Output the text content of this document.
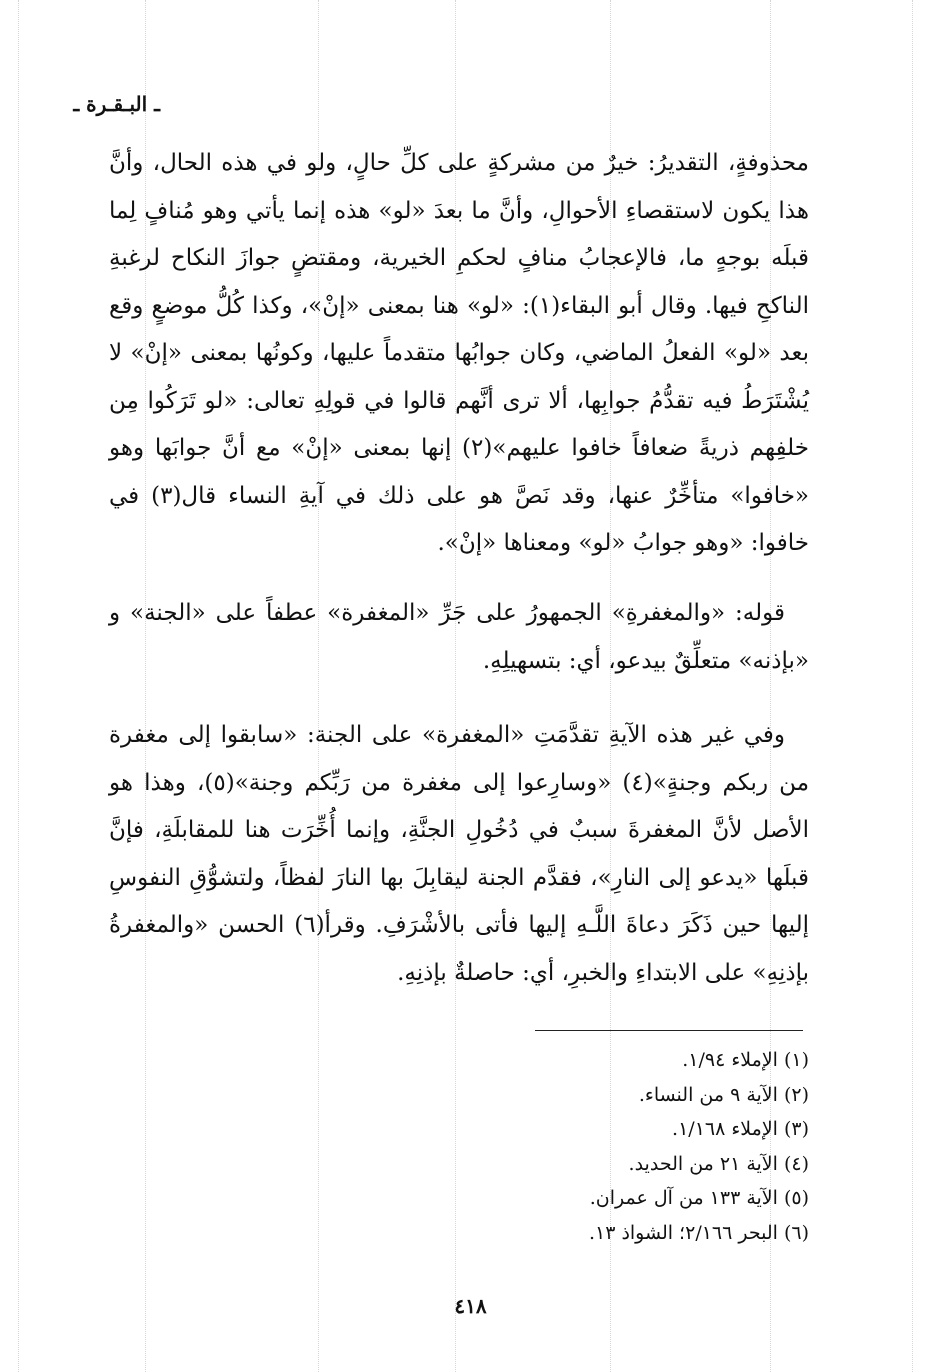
ـ البـقـرة ـ

محذوفةٍ، التقديرُ: خيرٌ من مشركةٍ على كلِّ حالٍ، ولو في هذه الحال، وأنَّ هذا يكون لاستقصاءِ الأحوالِ، وأنَّ ما بعدَ «لو» هذه إنما يأتي وهو مُنافٍ لِما قبلَه بوجهٍ ما، فالإعجابُ منافٍ لحكمِ الخيرية، ومقتضٍ جوازَ النكاح لرغبةِ الناكحِ فيها. وقال أبو البقاء(١): «لو» هنا بمعنى «إنْ»، وكذا كُلُّ موضعٍ وقع بعد «لو» الفعلُ الماضي، وكان جوابُها متقدماً عليها، وكونُها بمعنى «إنْ» لا يُشْتَرَطُ فيه تقدُّمُ جوابِها، ألا ترى أنَّهم قالوا في قولِهِ تعالى: «لو تَرَكُوا مِن خلفِهم ذريةً ضعافاً خافوا عليهم»(٢) إنها بمعنى «إنْ» مع أنَّ جوابَها وهو «خافوا» متأخِّرٌ عنها، وقد نَصَّ هو على ذلك في آيةِ النساء قال(٣) في خافوا: «وهو جوابُ «لو» ومعناها «إنْ».

قوله: «والمغفرةِ» الجمهورُ على جَرِّ «المغفرة» عطفاً على «الجنة» و «بإذنه» متعلِّقٌ بيدعو، أي: بتسهيلِهِ.

وفي غير هذه الآيةِ تقدَّمَتِ «المغفرة» على الجنة: «سابقوا إلى مغفرة من ربكم وجنةٍ»(٤) «وسارِعوا إلى مغفرة من رَبِّكم وجنة»(٥)، وهذا هو الأصل لأنَّ المغفرةَ سببٌ في دُخُولِ الجنَّةِ، وإنما أُخِّرَت هنا للمقابلَةِ، فإنَّ قبلَها «يدعو إلى النارِ»، فقدَّم الجنة ليقابِلَ بها النارَ لفظاً، ولتشوُّقِ النفوسِ إليها حين ذَكَرَ دعاةَ اللَّـهِ إليها فأتى بالأشْرَفِ. وقرأ(٦) الحسن «والمغفرةُ بإذنِهِ» على الابتداءِ والخبرِ، أي: حاصلةٌ بإذنِهِ.

(١)الإملاء ١/٩٤.
(٢)الآية ٩ من النساء.
(٣)الإملاء ١/١٦٨.
(٤)الآية ٢١ من الحديد.
(٥)الآية ١٣٣ من آل عمران.
(٦)البحر ٢/١٦٦؛ الشواذ ١٣.
٤١٨
